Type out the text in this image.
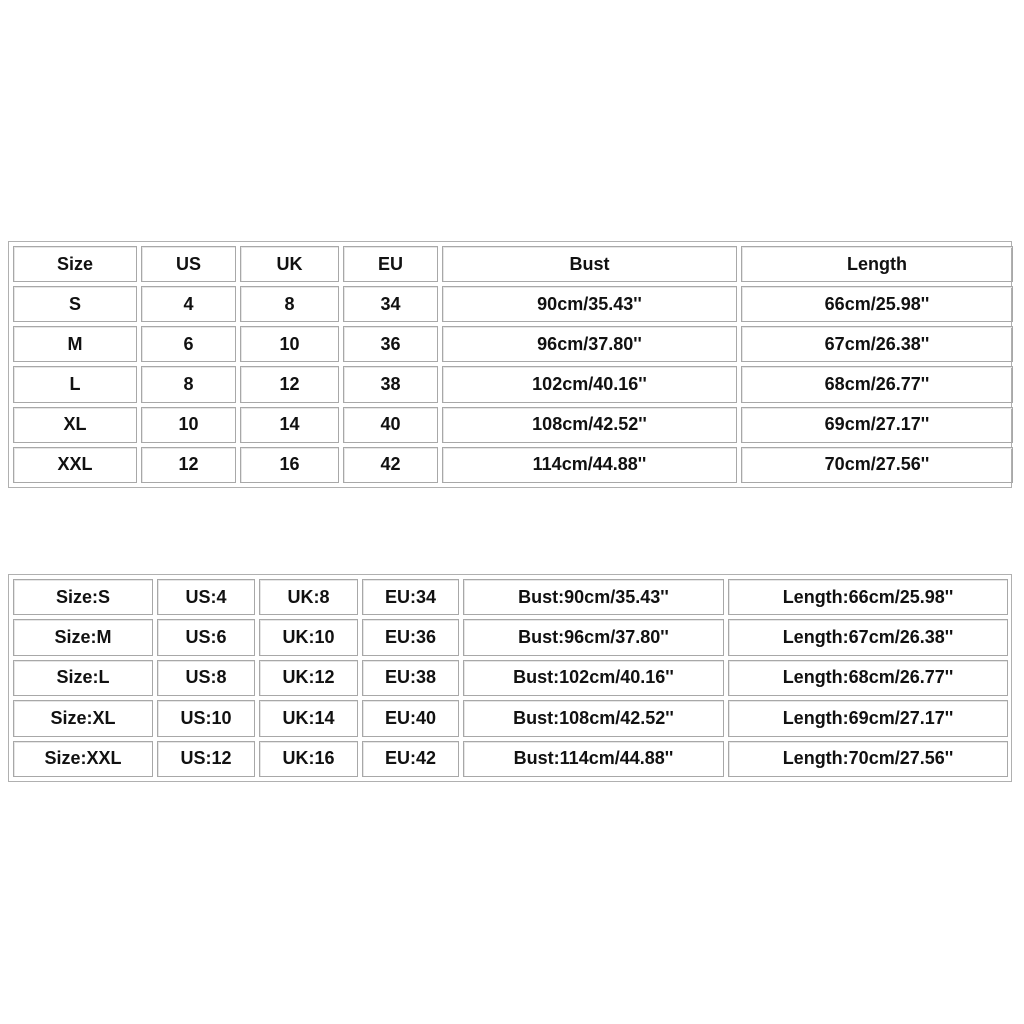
Size	US	UK	EU	Bust	Length
S	4	8	34	90cm/35.43''	66cm/25.98''
M	6	10	36	96cm/37.80''	67cm/26.38''
L	8	12	38	102cm/40.16''	68cm/26.77''
XL	10	14	40	108cm/42.52''	69cm/27.17''
XXL	12	16	42	114cm/44.88''	70cm/27.56''
Size:S	US:4	UK:8	EU:34	Bust:90cm/35.43''	Length:66cm/25.98''
Size:M	US:6	UK:10	EU:36	Bust:96cm/37.80''	Length:67cm/26.38''
Size:L	US:8	UK:12	EU:38	Bust:102cm/40.16''	Length:68cm/26.77''
Size:XL	US:10	UK:14	EU:40	Bust:108cm/42.52''	Length:69cm/27.17''
Size:XXL	US:12	UK:16	EU:42	Bust:114cm/44.88''	Length:70cm/27.56''
